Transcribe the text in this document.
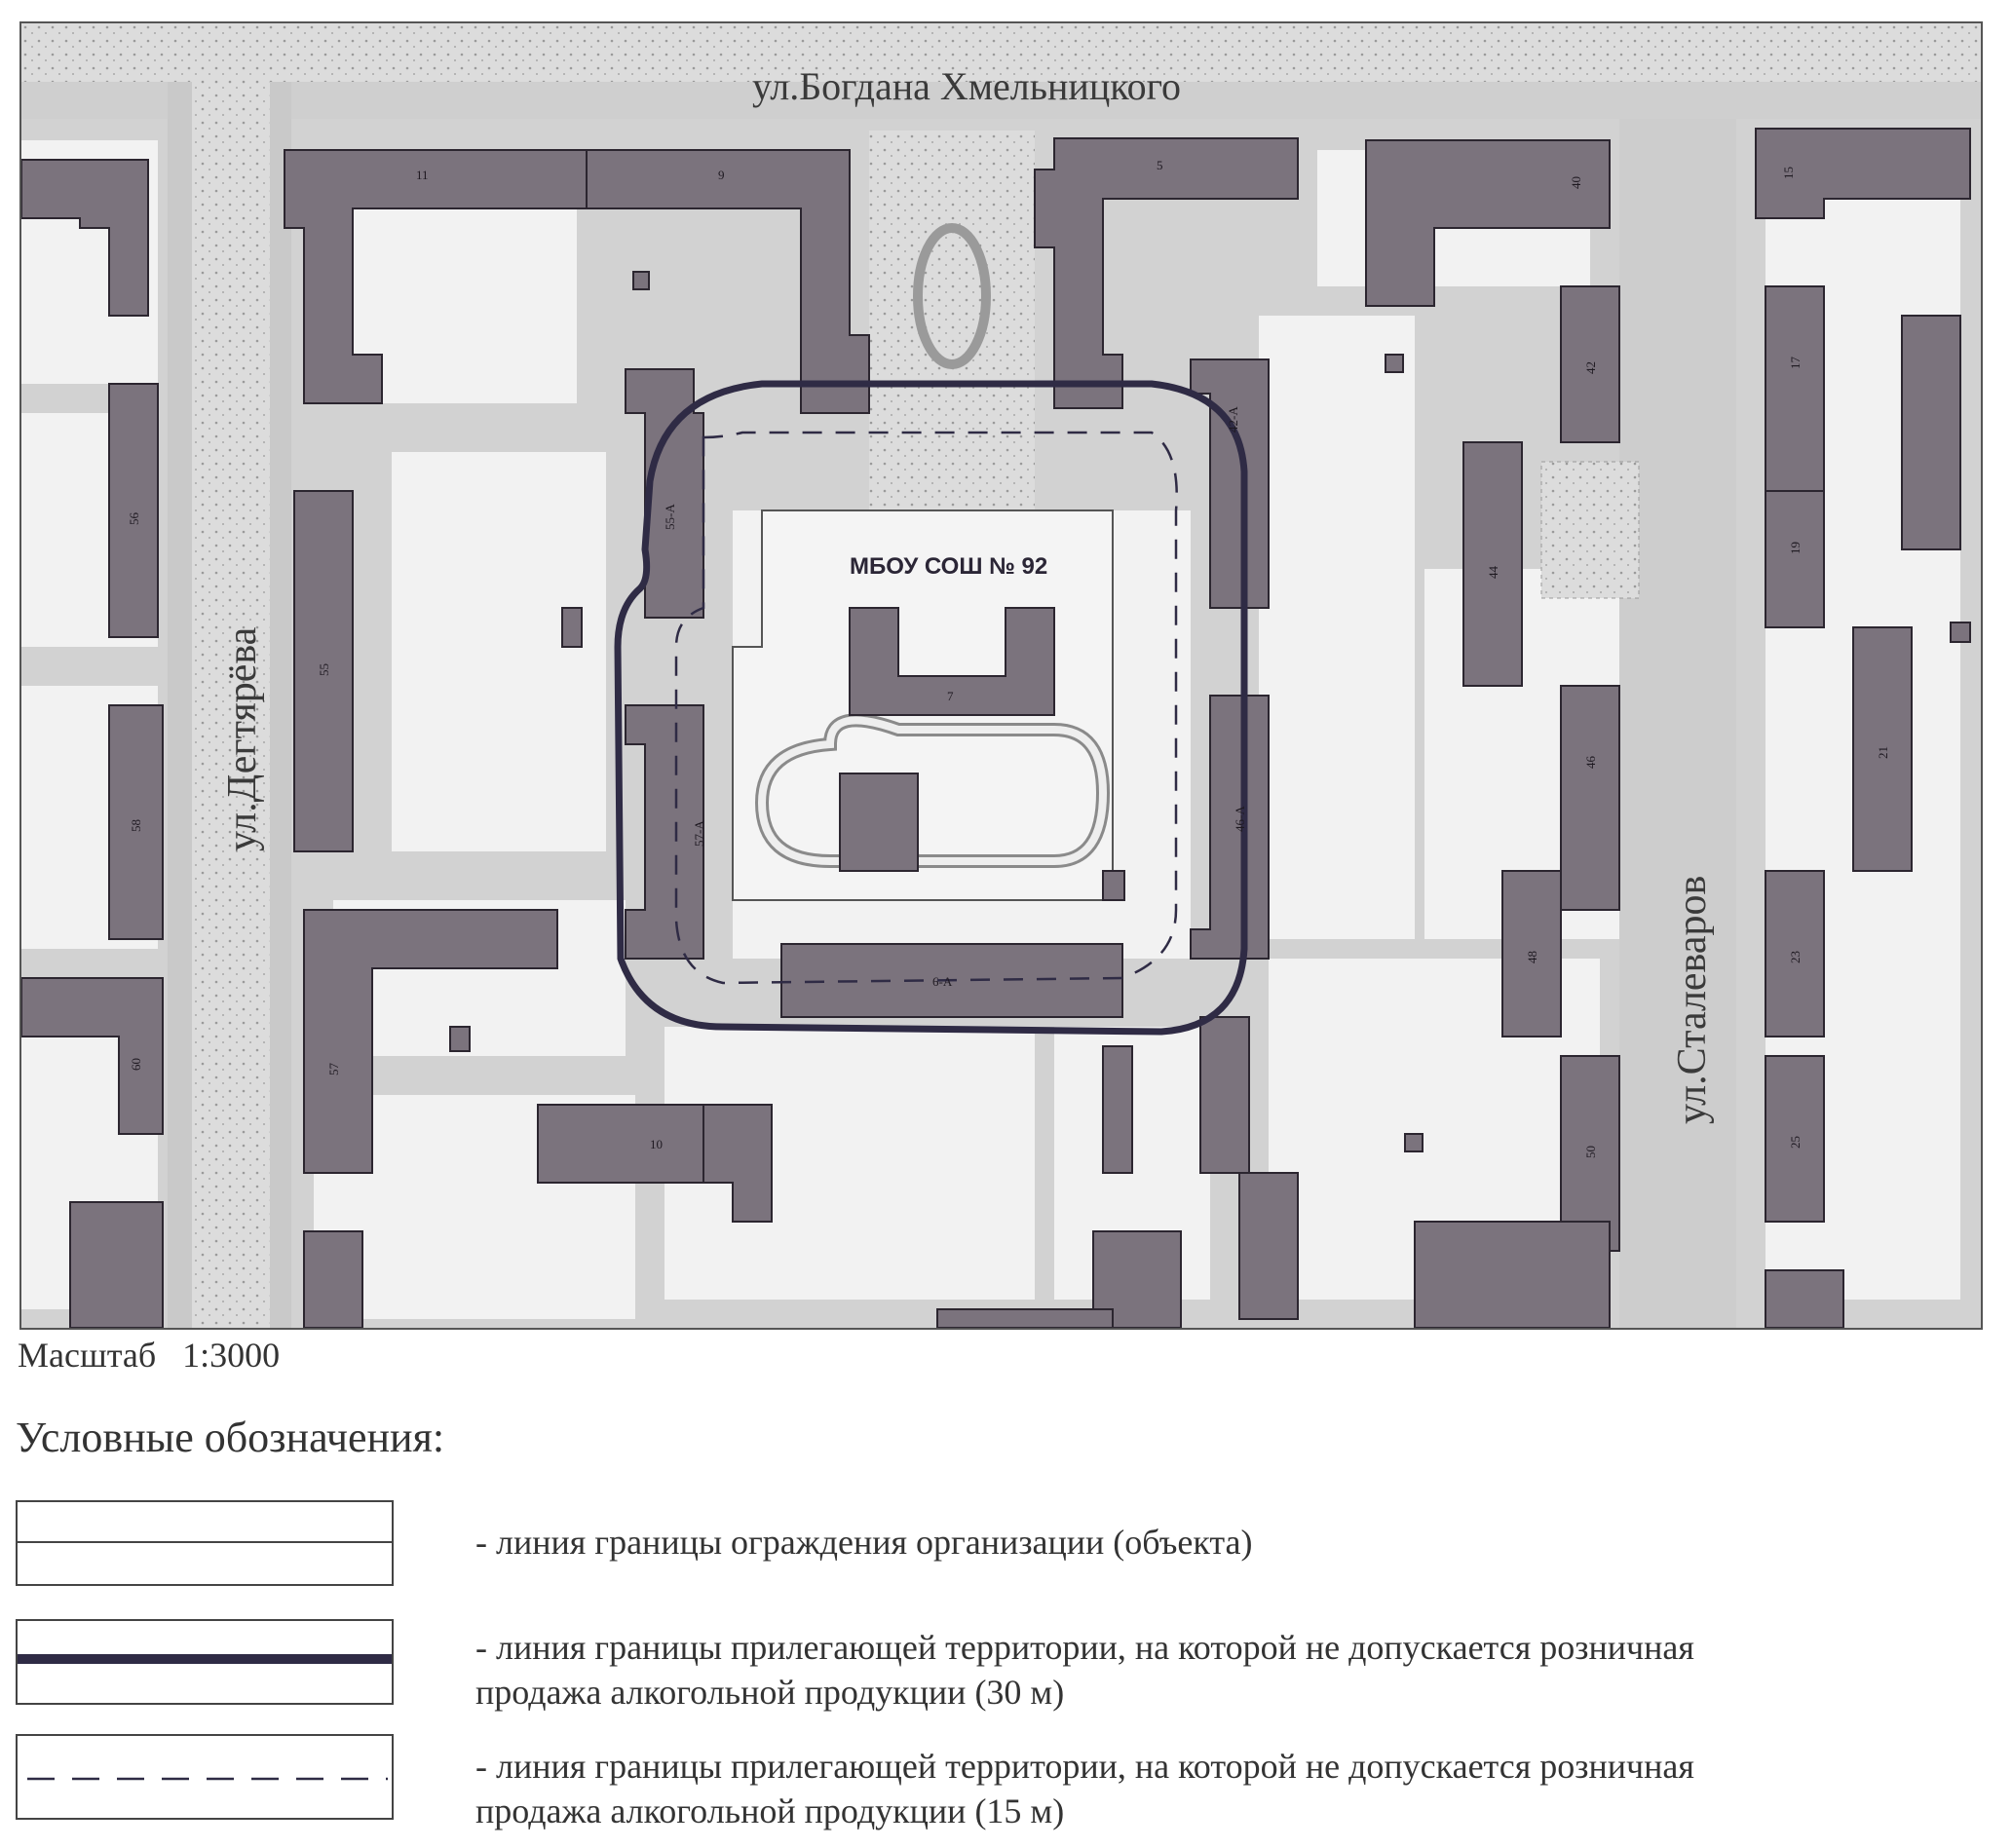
ул.Богдана Хмельницкого
ул.Дегтярёва
ул.Сталеваров
МБОУ СОШ № 92
11	9
5
40
15
42	17
42-А
55-А
56
44
19
55
7
46
21
58	57-А
46-А
48	23
6-А
57
60
50
25
10
Масштаб 1:3000
Условные обозначения:
- линия границы ограждения организации (объекта)
- линия границы прилегающей территории, на которой не допускается розничная
продажа алкогольной продукции (30 м)
- линия границы прилегающей территории, на которой не допускается розничная
продажа алкогольной продукции (15 м)
